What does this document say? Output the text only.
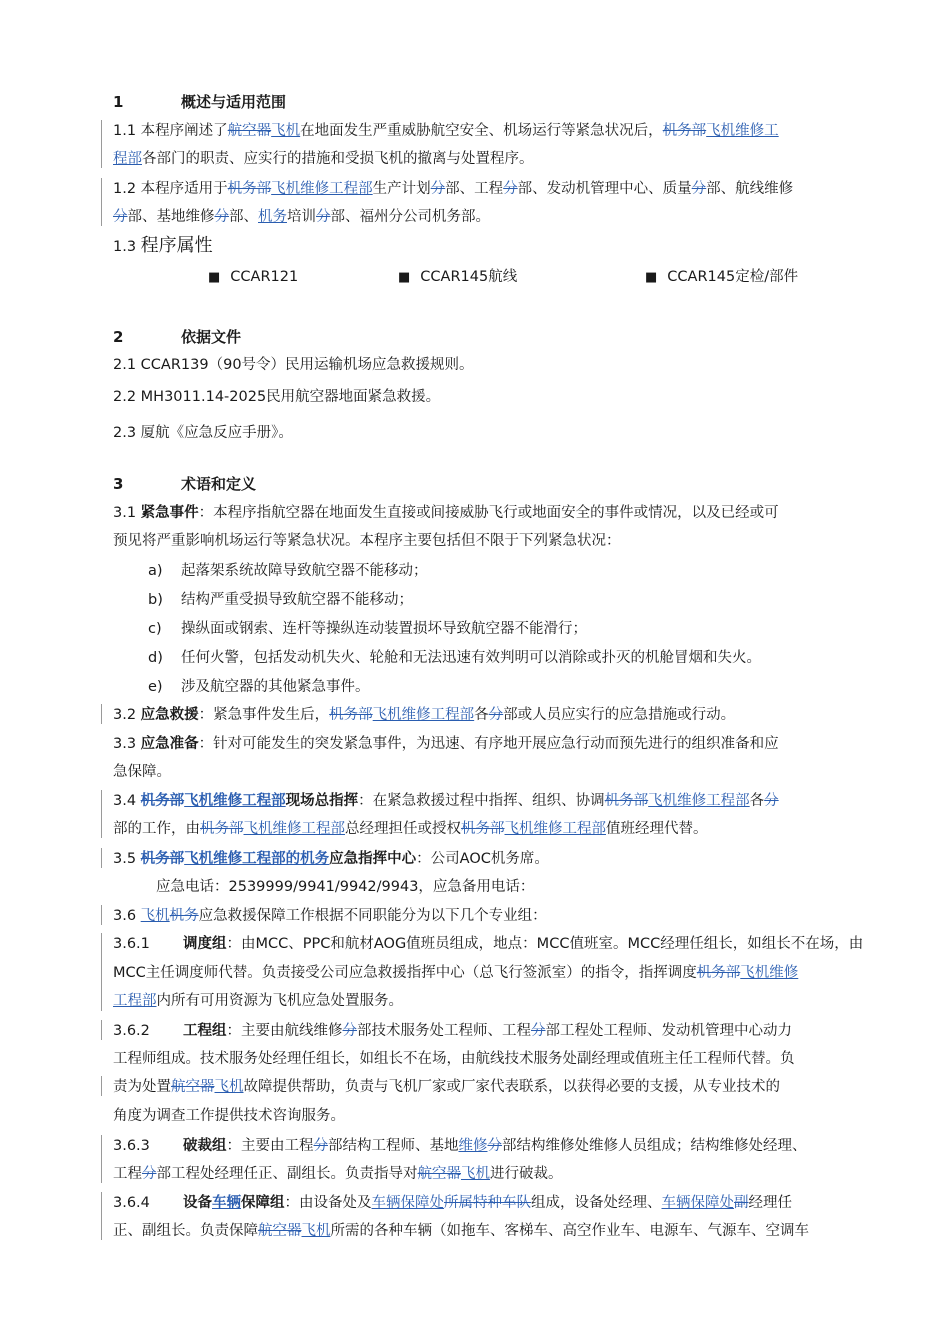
1	概述与适用范围
1.1 本程序阐述了航空器飞机在地面发生严重威胁航空安全、机场运行等紧急状况后，机务部飞机维修工
程部各部门的职责、应实行的措施和受损飞机的撤离与处置程序。
1.2 本程序适用于机务部飞机维修工程部生产计划分部、工程分部、发动机管理中心、质量分部、航线维修
分部、基地维修分部、机务培训分部、福州分公司机务部。
1.3 程序属性
■ CCAR121	■ CCAR145航线	■ CCAR145定检/部件
2	依据文件
2.1 CCAR139（90号令）民用运输机场应急救援规则。
2.2 MH3011.14-2025民用航空器地面紧急救援。
2.3 厦航《应急反应手册》。
3	术语和定义
3.1 紧急事件：本程序指航空器在地面发生直接或间接威胁飞行或地面安全的事件或情况，以及已经或可
预见将严重影响机场运行等紧急状况。本程序主要包括但不限于下列紧急状况：
a) 起落架系统故障导致航空器不能移动；
b) 结构严重受损导致航空器不能移动；
c) 操纵面或钢索、连杆等操纵连动装置损坏导致航空器不能滑行；
d) 任何火警，包括发动机失火、轮舱和无法迅速有效判明可以消除或扑灭的机舱冒烟和失火。
e) 涉及航空器的其他紧急事件。
3.2 应急救援：紧急事件发生后，机务部飞机维修工程部各分部或人员应实行的应急措施或行动。
3.3 应急准备：针对可能发生的突发紧急事件，为迅速、有序地开展应急行动而预先进行的组织准备和应
急保障。
3.4 机务部飞机维修工程部现场总指挥：在紧急救援过程中指挥、组织、协调机务部飞机维修工程部各分
部的工作，由机务部飞机维修工程部总经理担任或授权机务部飞机维修工程部值班经理代替。
3.5 机务部飞机维修工程部的机务应急指挥中心：公司AOC机务席。
应急电话：2539999/9941/9942/9943，应急备用电话：
3.6 飞机机务应急救援保障工作根据不同职能分为以下几个专业组：
3.6.1 调度组：由MCC、PPC和航材AOG值班员组成，地点：MCC值班室。MCC经理任组长，如组长不在场，由
MCC主任调度师代替。负责接受公司应急救援指挥中心（总飞行签派室）的指令，指挥调度机务部飞机维修
工程部内所有可用资源为飞机应急处置服务。
3.6.2 工程组：主要由航线维修分部技术服务处工程师、工程分部工程处工程师、发动机管理中心动力
工程师组成。技术服务处经理任组长，如组长不在场，由航线技术服务处副经理或值班主任工程师代替。负
责为处置航空器飞机故障提供帮助，负责与飞机厂家或厂家代表联系，以获得必要的支援，从专业技术的
角度为调查工作提供技术咨询服务。
3.6.3 破裁组：主要由工程分部结构工程师、基地维修分部结构维修处维修人员组成；结构维修处经理、
工程分部工程处经理任正、副组长。负责指导对航空器飞机进行破裁。
3.6.4 设备车辆保障组：由设备处及车辆保障处所属特种车队组成，设备处经理、车辆保障处副经理任
正、副组长。负责保障航空器飞机所需的各种车辆（如拖车、客梯车、高空作业车、电源车、气源车、空调车
